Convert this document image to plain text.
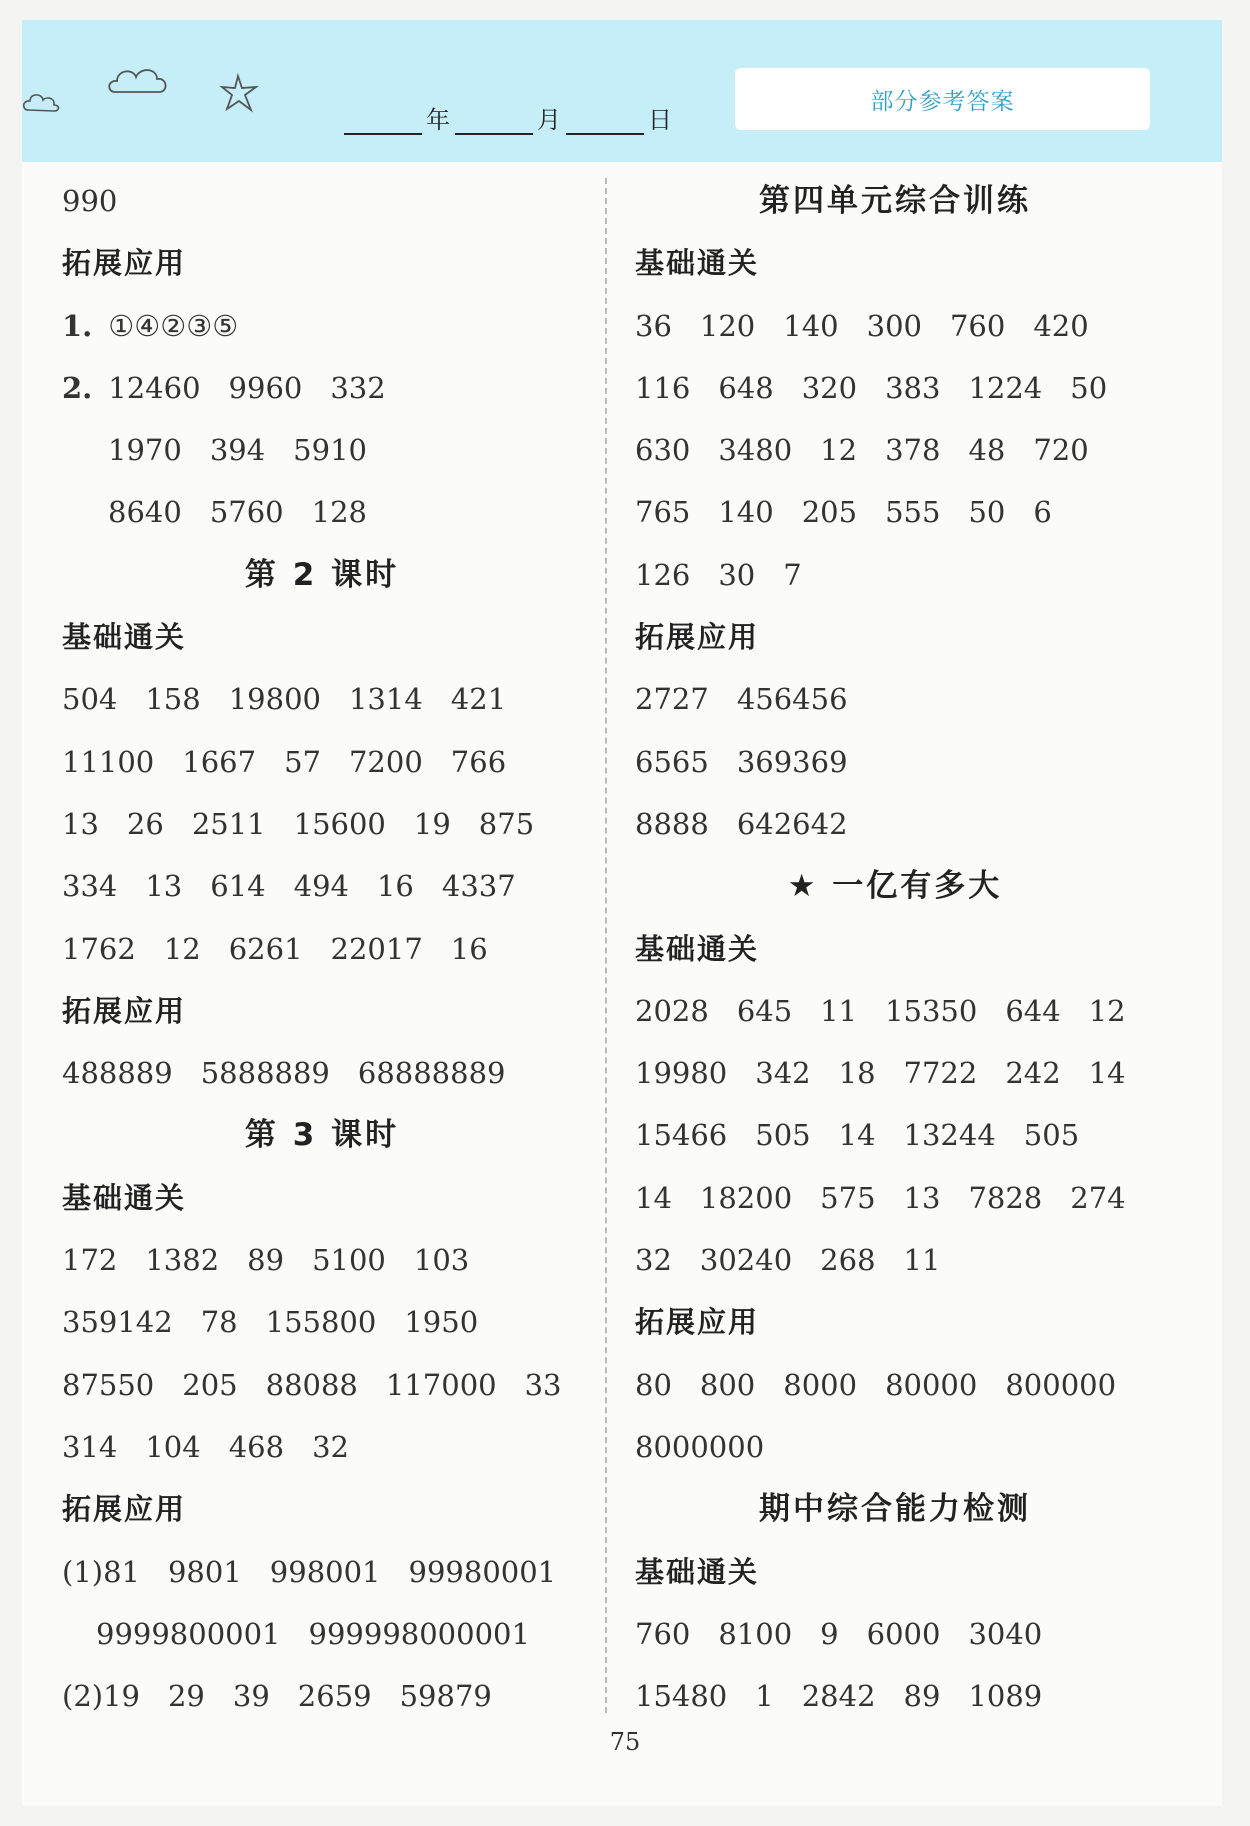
年	月	日
部分参考答案
990
拓展应用
1. ①④②③⑤
2. 12460 9960 332
1970 394 5910
8640 5760 128
第 2 课时
基础通关
504 158 19800 1314 421
11100 1667 57 7200 766
13 26 2511 15600 19 875
334 13 614 494 16 4337
1762 12 6261 22017 16
拓展应用
488889 5888889 68888889
第 3 课时
基础通关
172 1382 89 5100 103
359142 78 155800 1950
87550 205 88088 117000 33
314 104 468 32
拓展应用
(1)81 9801 998001 99980001
9999800001 999998000001
(2)19 29 39 2659 59879
第四单元综合训练
基础通关
36 120 140 300 760 420
116 648 320 383 1224 50
630 3480 12 378 48 720
765 140 205 555 50 6
126 30 7
拓展应用
2727 456456
6565 369369
8888 642642
★ 一亿有多大
基础通关
2028 645 11 15350 644 12
19980 342 18 7722 242 14
15466 505 14 13244 505
14 18200 575 13 7828 274
32 30240 268 11
拓展应用
80 800 8000 80000 800000
8000000
期中综合能力检测
基础通关
760 8100 9 6000 3040
15480 1 2842 89 1089
75
